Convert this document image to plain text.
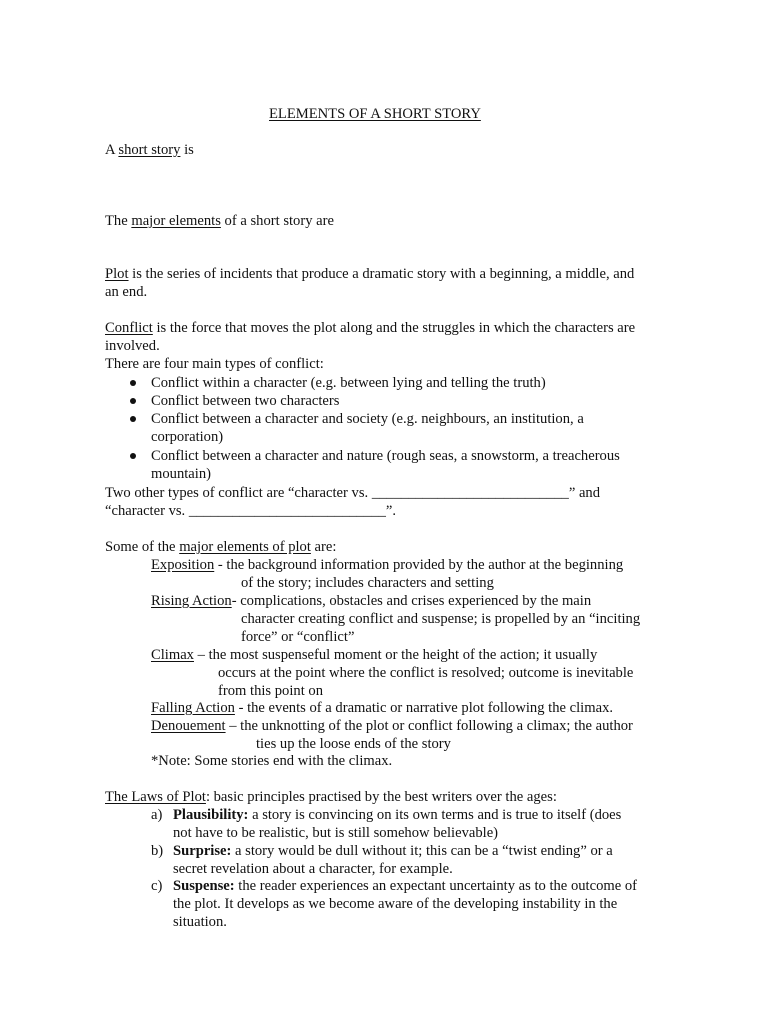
ELEMENTS OF A SHORT STORY
A short story is
The major elements of a short story are
Plot is the series of incidents that produce a dramatic story with a beginning, a middle, and
an end.
Conflict is the force that moves the plot along and the struggles in which the characters are
involved.
There are four main types of conflict:
Conflict within a character (e.g. between lying and telling the truth)
Conflict between two characters
Conflict between a character and society (e.g. neighbours, an institution, a
corporation)
Conflict between a character and nature (rough seas, a snowstorm, a treacherous
mountain)
Two other types of conflict are “character vs. ___________________________” and
“character vs. ___________________________”.
Some of the major elements of plot are:
Exposition - the background information provided by the author at the beginning
of the story; includes characters and setting
Rising Action- complications, obstacles and crises experienced by the main
character creating conflict and suspense; is propelled by an “inciting
force” or “conflict”
Climax – the most suspenseful moment or the height of the action; it usually
occurs at the point where the conflict is resolved; outcome is inevitable
from this point on
Falling Action - the events of a dramatic or narrative plot following the climax.
Denouement – the unknotting of the plot or conflict following a climax; the author
ties up the loose ends of the story
*Note: Some stories end with the climax.
The Laws of Plot: basic principles practised by the best writers over the ages:
a) Plausibility: a story is convincing on its own terms and is true to itself (does
not have to be realistic, but is still somehow believable)
b) Surprise: a story would be dull without it; this can be a “twist ending” or a
secret revelation about a character, for example.
c) Suspense: the reader experiences an expectant uncertainty as to the outcome of
the plot. It develops as we become aware of the developing instability in the
situation.
